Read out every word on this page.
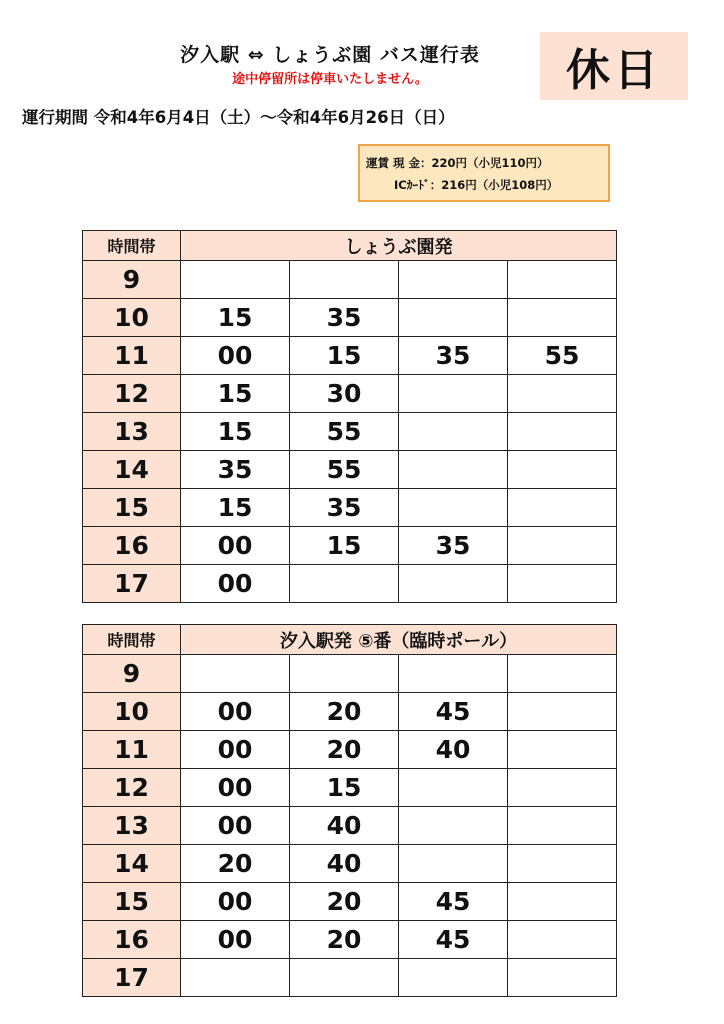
汐入駅 ⇔ しょうぶ園 バス運行表
途中停留所は停車いたしません。	休日
運行期間 令和4年6月4日（土）～令和4年6月26日（日）
運賃 現 金：220円（小児110円）
ICｶｰﾄﾞ：216円（小児108円）
時間帯	しょうぶ園発			
9				
10	15	35		
11	00	15	35	55
12	15	30		
13	15	55		
14	35	55		
15	15	35		
16	00	15	35	
17	00			
時間帯	汐入駅発 ⑤番（臨時ポール）			
9				
10	00	20	45	
11	00	20	40	
12	00	15		
13	00	40		
14	20	40		
15	00	20	45	
16	00	20	45	
17				
